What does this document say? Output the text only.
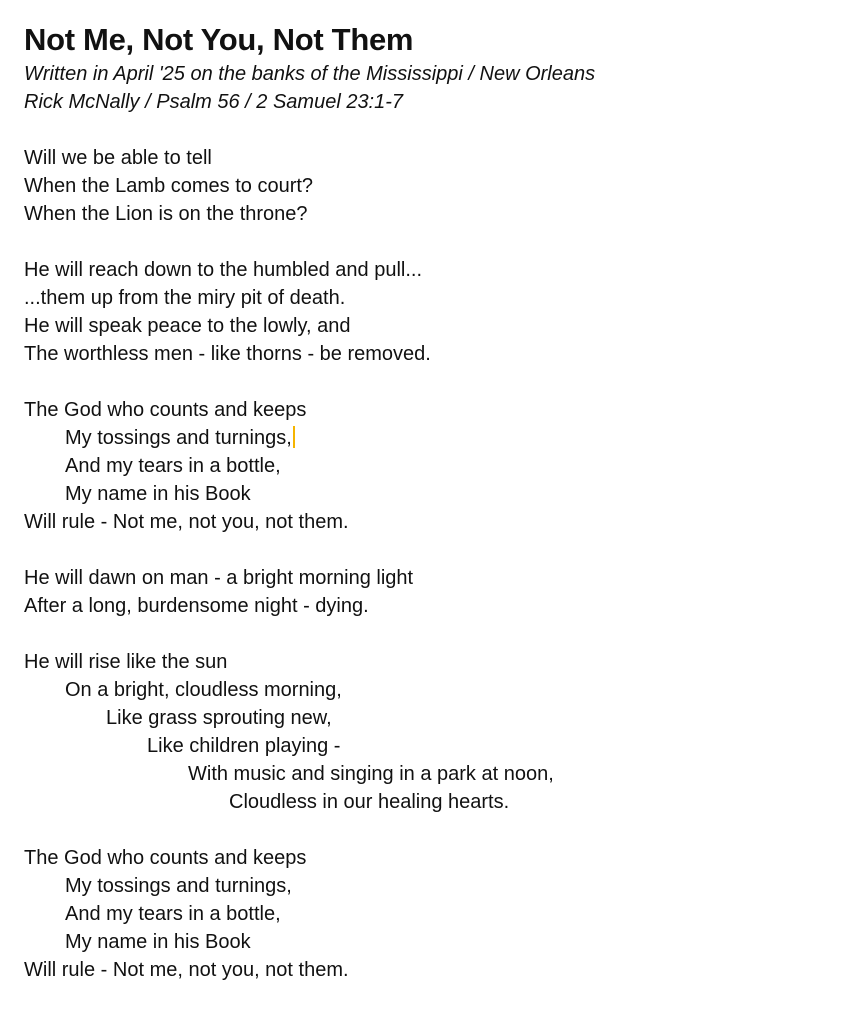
Not Me, Not You, Not Them
Written in April '25 on the banks of the Mississippi / New Orleans
Rick McNally / Psalm 56 / 2 Samuel 23:1-7
Will we be able to tell
When the Lamb comes to court?
When the Lion is on the throne?
He will reach down to the humbled and pull...
...them up from the miry pit of death.
He will speak peace to the lowly, and
The worthless men - like thorns - be removed.
The God who counts and keeps
My tossings and turnings,
And my tears in a bottle,
My name in his Book
Will rule - Not me, not you, not them.
He will dawn on man - a bright morning light
After a long, burdensome night - dying.
He will rise like the sun
On a bright, cloudless morning,
Like grass sprouting new,
Like children playing -
With music and singing in a park at noon,
Cloudless in our healing hearts.
The God who counts and keeps
My tossings and turnings,
And my tears in a bottle,
My name in his Book
Will rule - Not me, not you, not them.
